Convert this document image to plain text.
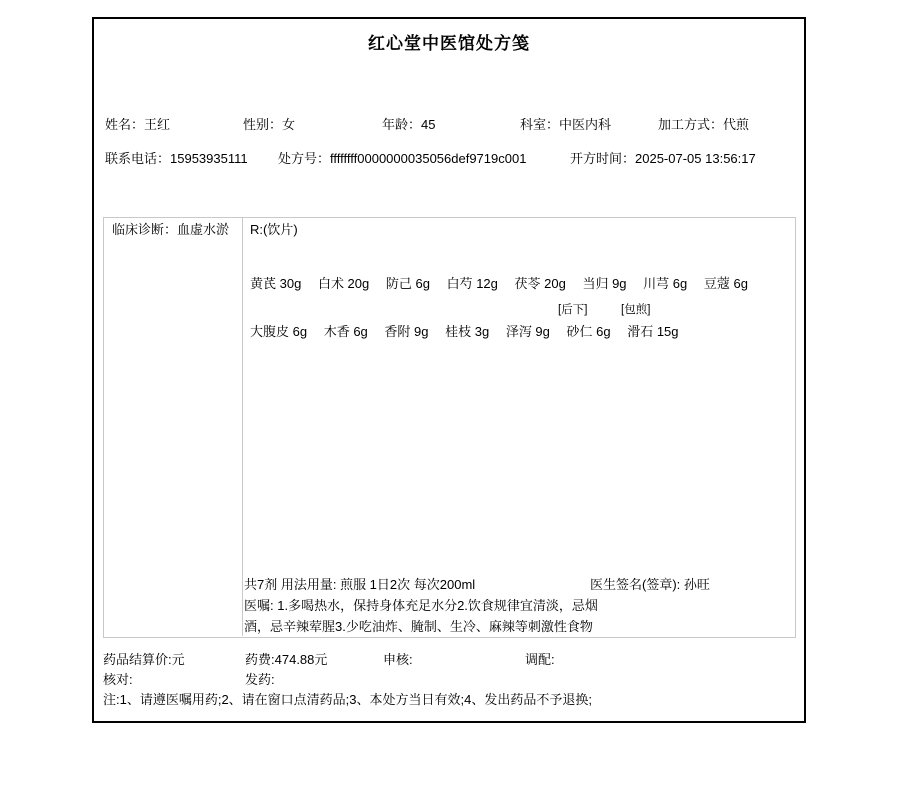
红心堂中医馆处方笺
姓名：王红	性别：女	年龄：45	科室：中医内科	加工方式：代煎
联系电话：15953935111 处方号：ffffffff0000000035056def9719c001	开方时间：2025-07-05 13:56:17
临床诊断：血虚水淤 R:(饮片)
黄芪 30g 白术 20g 防己 6g 白芍 12g 茯苓 20g 当归 9g 川芎 6g 豆蔻 6g
[后下]	[包煎]
大腹皮 6g 木香 6g 香附 9g 桂枝 3g 泽泻 9g 砂仁 6g 滑石 15g
共7剂 用法用量: 煎服 1日2次 每次200ml	医生签名(签章): 孙旺
医嘱: 1.多喝热水，保持身体充足水分2.饮食规律宜清淡，忌烟
酒，忌辛辣荤腥3.少吃油炸、腌制、生冷、麻辣等刺激性食物
药品结算价:元	药费:474.88元	申核:	调配:
核对:	发药:
注:1、请遵医嘱用药;2、请在窗口点清药品;3、本处方当日有效;4、发出药品不予退换;
